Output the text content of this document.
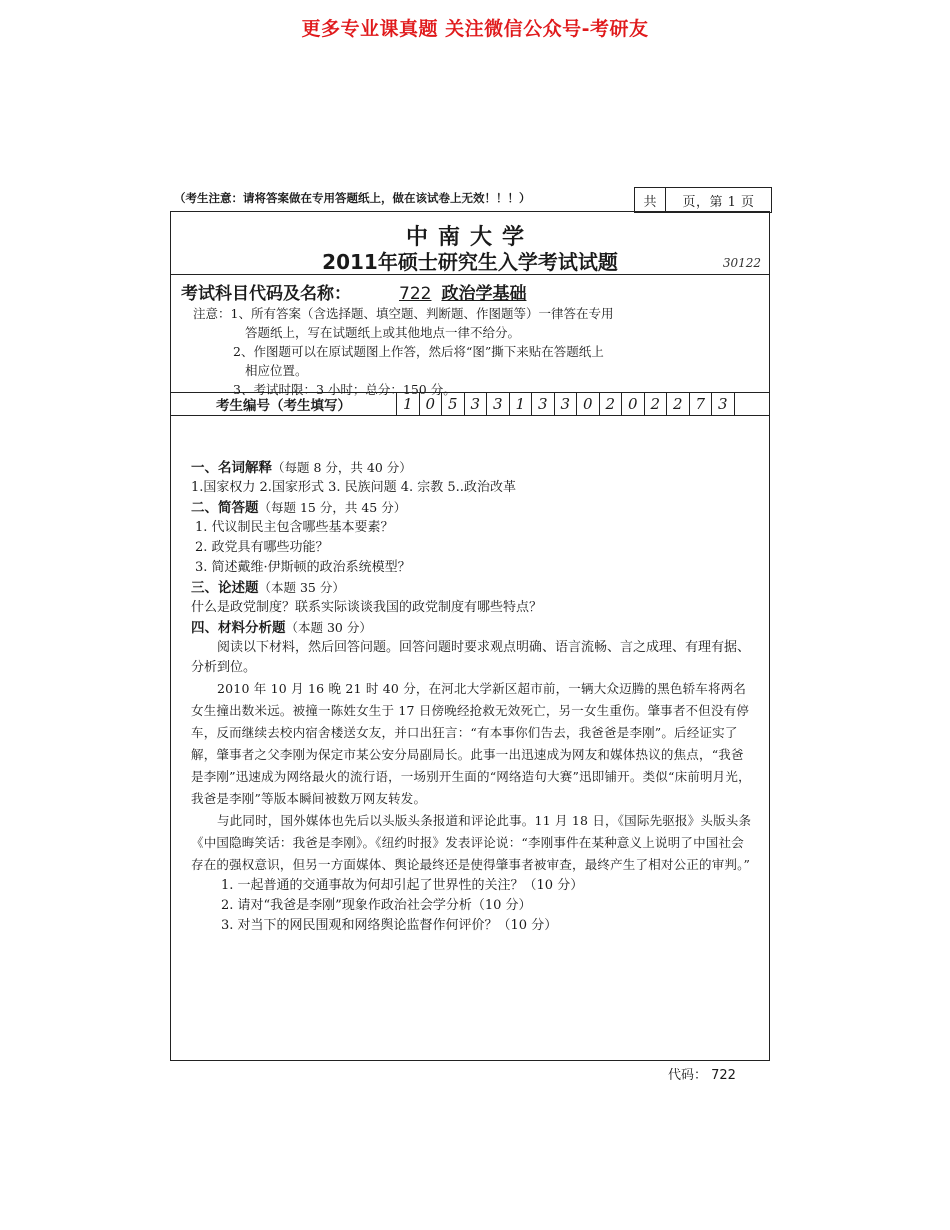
更多专业课真题 关注微信公众号-考研友
（考生注意：请将答案做在专用答题纸上，做在该试卷上无效！！！）	共	页，第 1 页
中南大学
2011年硕士研究生入学考试试题	30122
考试科目代码及名称：	722 政治学基础
注意：1、所有答案（含选择题、填空题、判断题、作图题等）一律答在专用
答题纸上，写在试题纸上或其他地点一律不给分。
2、作图题可以在原试题图上作答，然后将“图”撕下来贴在答题纸上
相应位置。
3、考试时限：3 小时；总分：150 分。
考生编号（考生填写）	1 0 5 3 3 1 3 3 0 2 0 2 2 7 3

一、名词解释（每题 8 分，共 40 分）

1.国家权力 2.国家形式 3. 民族问题 4. 宗教 5..政治改革

二、简答题（每题 15 分，共 45 分）

1. 代议制民主包含哪些基本要素？

2. 政党具有哪些功能？

3. 简述戴维·伊斯顿的政治系统模型？

三、论述题（本题 35 分）

什么是政党制度？联系实际谈谈我国的政党制度有哪些特点？

四、材料分析题（本题 30 分）

阅读以下材料，然后回答问题。回答问题时要求观点明确、语言流畅、言之成理、有理有据、分析到位。

2010 年 10 月 16 晚 21 时 40 分，在河北大学新区超市前，一辆大众迈腾的黑色轿车将两名女生撞出数米远。被撞一陈姓女生于 17 日傍晚经抢救无效死亡，另一女生重伤。肇事者不但没有停车，反而继续去校内宿舍楼送女友，并口出狂言：“有本事你们告去，我爸爸是李刚”。后经证实了解，肇事者之父李刚为保定市某公安分局副局长。此事一出迅速成为网友和媒体热议的焦点，“我爸是李刚”迅速成为网络最火的流行语，一场别开生面的“网络造句大赛”迅即铺开。类似“床前明月光，我爸是李刚”等版本瞬间被数万网友转发。

与此同时，国外媒体也先后以头版头条报道和评论此事。11 月 18 日，《国际先驱报》头版头条《中国隐晦笑话：我爸是李刚》。《纽约时报》发表评论说：“李刚事件在某种意义上说明了中国社会存在的强权意识，但另一方面媒体、舆论最终还是使得肇事者被审查，最终产生了相对公正的审判。”

1. 一起普通的交通事故为何却引起了世界性的关注？（10 分）

2. 请对“我爸是李刚”现象作政治社会学分析（10 分）

3. 对当下的网民围观和网络舆论监督作何评价？（10 分）

代码： 722
